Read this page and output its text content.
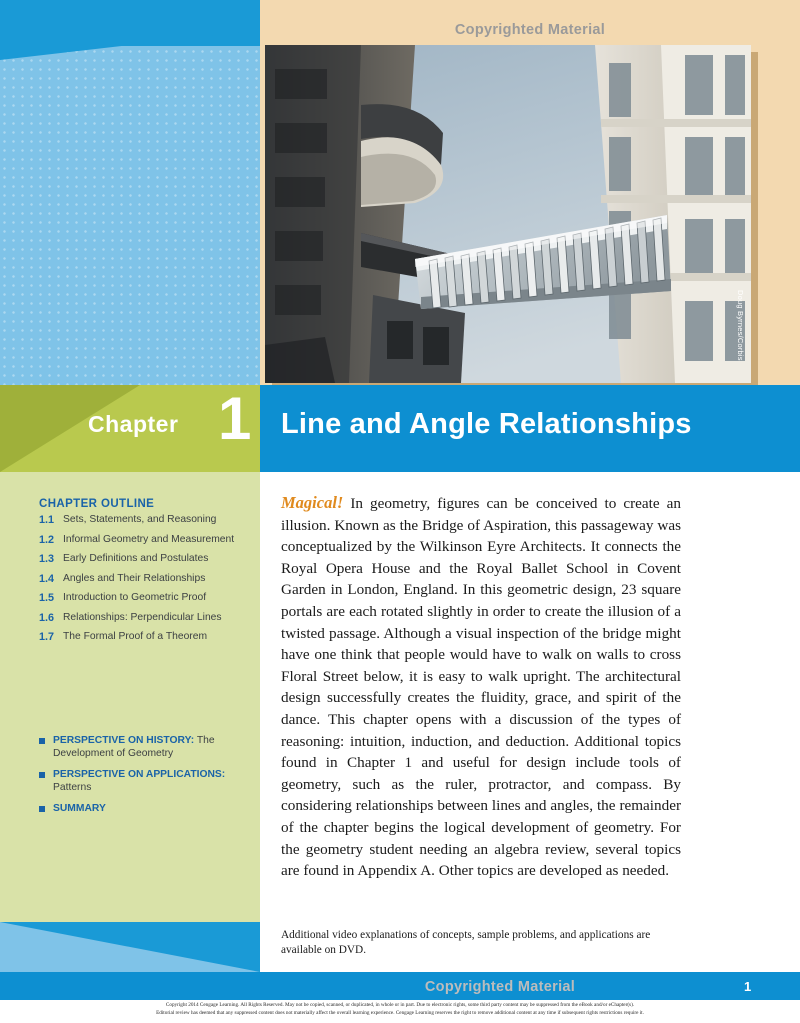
Copyrighted Material
Doug Byrnes/Corbis
Chapter 1 Line and Angle Relationships
CHAPTER OUTLINE
1.1 Sets, Statements, and Reasoning
1.2 Informal Geometry and Measurement
1.3 Early Definitions and Postulates
1.4 Angles and Their Relationships
1.5 Introduction to Geometric Proof
1.6 Relationships: Perpendicular Lines
1.7 The Formal Proof of a Theorem
PERSPECTIVE ON HISTORY: The Development of Geometry
PERSPECTIVE ON APPLICATIONS: Patterns
SUMMARY

Magical! In geometry, figures can be conceived to create an illusion. Known as the Bridge of Aspiration, this passageway was conceptualized by the Wilkinson Eyre Architects. It connects the Royal Opera House and the Royal Ballet School in Covent Garden in London, England. In this geometric design, 23 square portals are each rotated slightly in order to create the illusion of a twisted passage. Although a visual inspection of the bridge might have one think that people would have to walk on walls to cross Floral Street below, it is easy to walk upright. The architectural design successfully creates the fluidity, grace, and spirit of the dance. This chapter opens with a discussion of the types of reasoning: intuition, induction, and deduction. Additional topics found in Chapter 1 and useful for design include tools of geometry, such as the ruler, protractor, and compass. By considering relationships between lines and angles, the remainder of the chapter begins the logical development of geometry. For the geometry student needing an algebra review, several topics are found in Appendix A. Other topics are developed as needed.

Additional video explanations of concepts, sample problems, and applications are available on DVD.
Copyrighted Material	1
Copyright 2014 Cengage Learning. All Rights Reserved. May not be copied, scanned, or duplicated, in whole or in part. Due to electronic rights, some third party content may be suppressed from the eBook and/or eChapter(s).
Editorial review has deemed that any suppressed content does not materially affect the overall learning experience. Cengage Learning reserves the right to remove additional content at any time if subsequent rights restrictions require it.
